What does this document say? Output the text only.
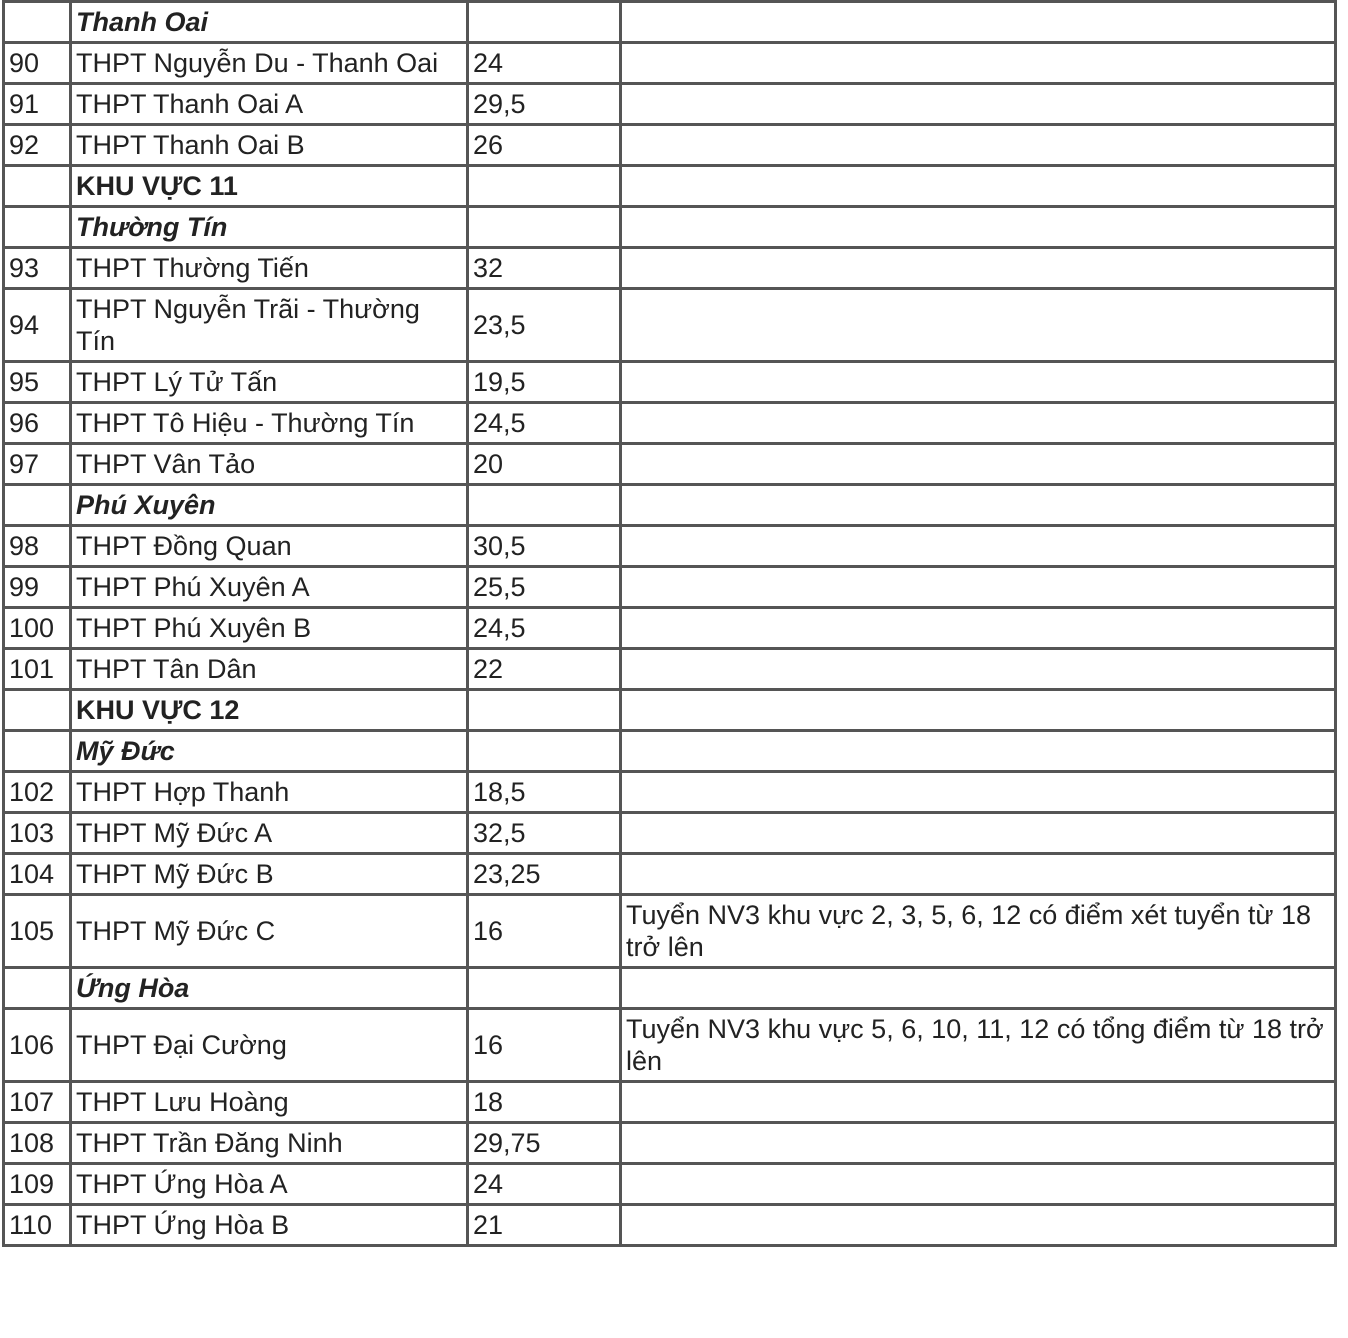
	Thanh Oai		
90	THPT Nguyễn Du - Thanh Oai	24	
91	THPT Thanh Oai A	29,5	
92	THPT Thanh Oai B	26	
	KHU VỰC 11		
	Thường Tín		
93	THPT Thường Tiến	32	
94	THPT Nguyễn Trãi - Thường Tín	23,5	
95	THPT Lý Tử Tấn	19,5	
96	THPT Tô Hiệu - Thường Tín	24,5	
97	THPT Vân Tảo	20	
	Phú Xuyên		
98	THPT Đồng Quan	30,5	
99	THPT Phú Xuyên A	25,5	
100	THPT Phú Xuyên B	24,5	
101	THPT Tân Dân	22	
	KHU VỰC 12		
	Mỹ Đức		
102	THPT Hợp Thanh	18,5	
103	THPT Mỹ Đức A	32,5	
104	THPT Mỹ Đức B	23,25	
105	THPT Mỹ Đức C	16	Tuyển NV3 khu vực 2, 3, 5, 6, 12 có điểm xét tuyển từ 18 trở lên
	Ứng Hòa		
106	THPT Đại Cường	16	Tuyển NV3 khu vực 5, 6, 10, 11, 12 có tổng điểm từ 18 trở lên
107	THPT Lưu Hoàng	18	
108	THPT Trần Đăng Ninh	29,75	
109	THPT Ứng Hòa A	24	
110	THPT Ứng Hòa B	21	
